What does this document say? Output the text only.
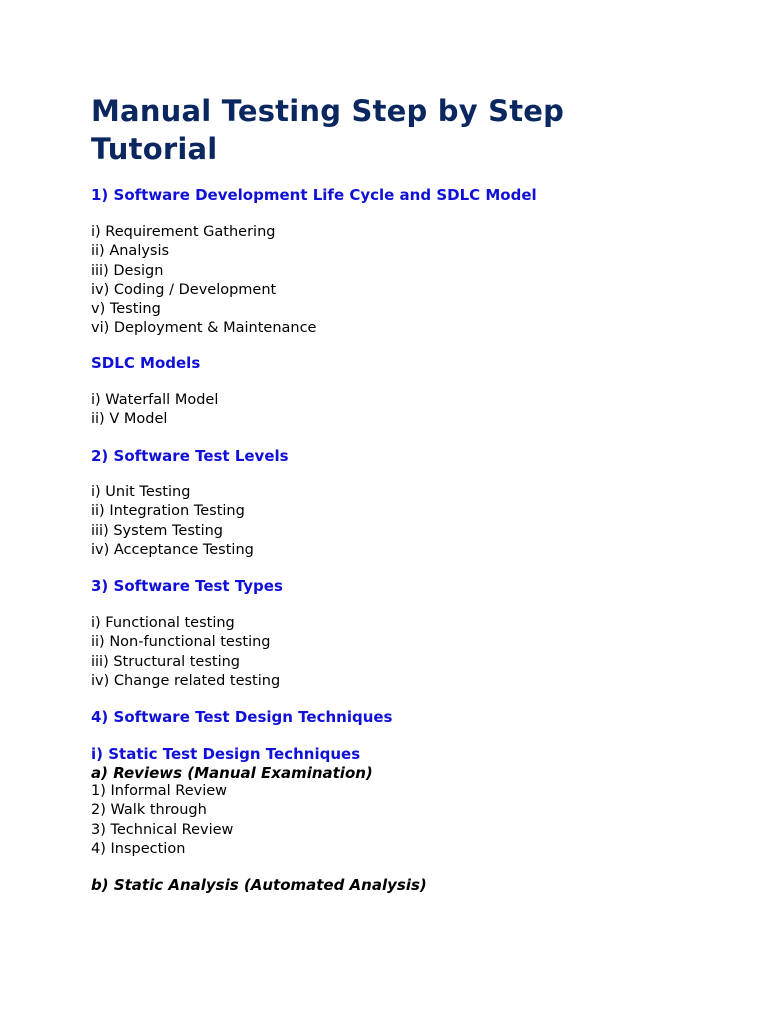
Manual Testing Step by Step Tutorial
1) Software Development Life Cycle and SDLC Model
i) Requirement Gathering
ii) Analysis
iii) Design
iv) Coding / Development
v) Testing
vi) Deployment & Maintenance
SDLC Models
i) Waterfall Model
ii) V Model
2) Software Test Levels
i) Unit Testing
ii) Integration Testing
iii) System Testing
iv) Acceptance Testing
3) Software Test Types
i) Functional testing
ii) Non-functional testing
iii) Structural testing
iv) Change related testing
4) Software Test Design Techniques
i) Static Test Design Techniques
a) Reviews (Manual Examination)
1) Informal Review
2) Walk through
3) Technical Review
4) Inspection
b) Static Analysis (Automated Analysis)
